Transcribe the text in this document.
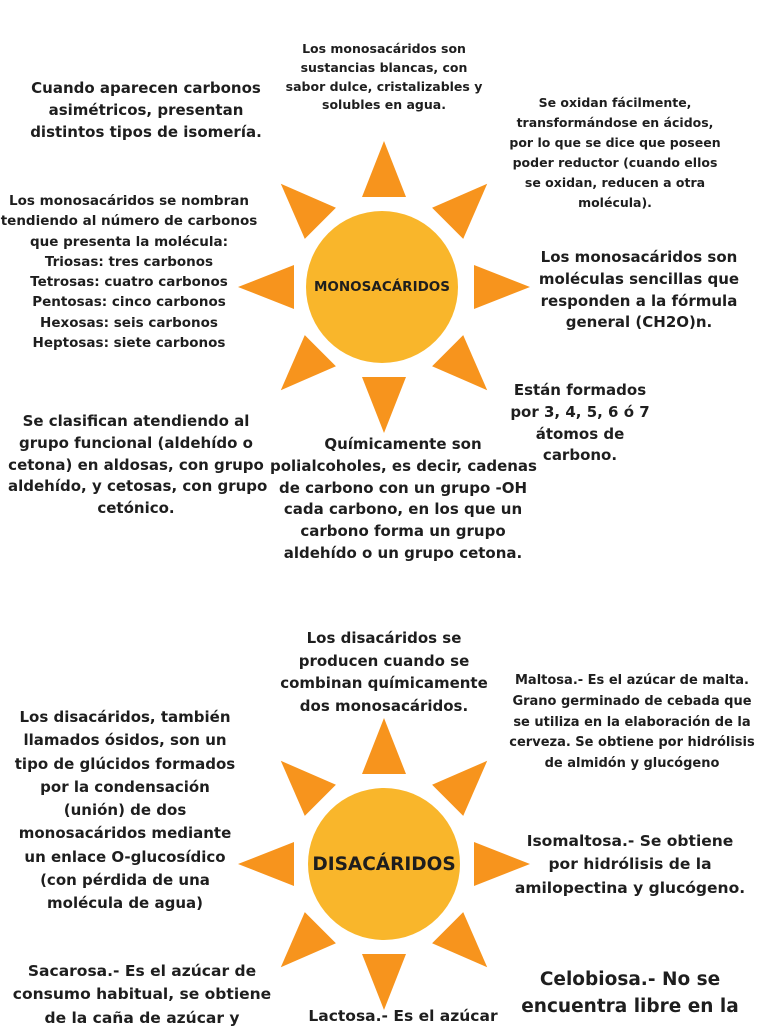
MONOSACÁRIDOS
Los monosacáridos son
sustancias blancas, con
sabor dulce, cristalizables y
solubles en agua.
Cuando aparecen carbonos
asimétricos, presentan
distintos tipos de isomería.
Se oxidan fácilmente,
transformándose en ácidos,
por lo que se dice que poseen
poder reductor (cuando ellos
se oxidan, reducen a otra
molécula).
Los monosacáridos se nombran
tendiendo al número de carbonos
que presenta la molécula:
Triosas: tres carbonos
Tetrosas: cuatro carbonos
Pentosas: cinco carbonos
Hexosas: seis carbonos
Heptosas: siete carbonos
Los monosacáridos son
moléculas sencillas que
responden a la fórmula
general (CH2O)n.
Están formados
por 3, 4, 5, 6 ó 7
átomos de
carbono.
Se clasifican atendiendo al
grupo funcional (aldehído o
cetona) en aldosas, con grupo
aldehído, y cetosas, con grupo
cetónico.
Químicamente son
polialcoholes, es decir, cadenas
de carbono con un grupo -OH
cada carbono, en los que un
carbono forma un grupo
aldehído o un grupo cetona.
DISACÁRIDOS
Los disacáridos se
producen cuando se
combinan químicamente
dos monosacáridos.
Los disacáridos, también
llamados ósidos, son un
tipo de glúcidos formados
por la condensación
(unión) de dos
monosacáridos mediante
un enlace O-glucosídico
(con pérdida de una
molécula de agua)
Maltosa.- Es el azúcar de malta.
Grano germinado de cebada que
se utiliza en la elaboración de la
cerveza. Se obtiene por hidrólisis
de almidón y glucógeno
Isomaltosa.- Se obtiene
por hidrólisis de la
amilopectina y glucógeno.
Sacarosa.- Es el azúcar de
consumo habitual, se obtiene
de la caña de azúcar y	Lactosa.- Es el azúcar
Celobiosa.- No se
encuentra libre en la
